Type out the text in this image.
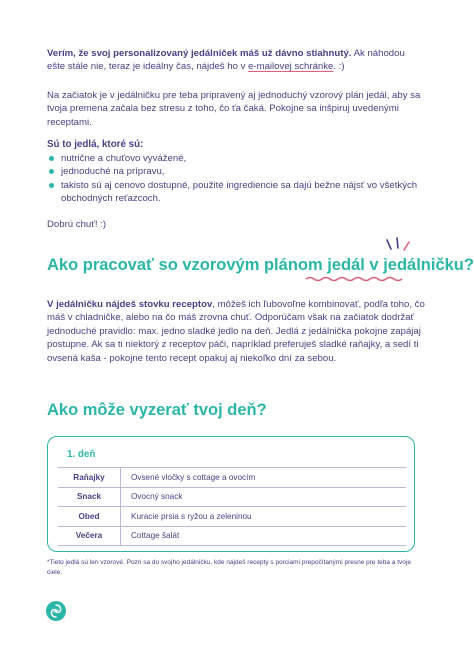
Verím, že svoj personalizovaný jedálniček máš už dávno stiahnutý. Ak náhodou ešte stále nie, teraz je ideálny čas, nájdeš ho v e-mailovej schránke. :)

Na začiatok je v jedálničku pre teba pripravený aj jednoduchý vzorový plán jedál, aby sa tvoja premena začala bez stresu z toho, čo ťa čaká. Pokojne sa inšpiruj uvedenými receptami.

Sú to jedlá, ktoré sú:
nutrične a chuťovo vyvážené,
jednoduché na prípravu,
takisto sú aj cenovo dostupné, použité ingrediencie sa dajú bežne nájsť vo všetkých obchodných reťazcoch.

Dobrú chuť! :)

Ako pracovať so vzorovým plánom jedál v jedálničku?

V jedálničku nájdeš stovku receptov, môžeš ich ľubovoľne kombinovať, podľa toho, čo máš v chladničke, alebo na čo máš zrovna chuť. Odporúčam však na začiatok dodržať jednoduché pravidlo: max. jedno sladké jedlo na deň. Jedlá z jedálnička pokojne zapájaj postupne. Ak sa ti niektorý z receptov páči, napríklad preferuješ sladké raňajky, a sedí ti ovsená kaša - pokojne tento recept opakuj aj niekoľko dní za sebou.

Ako môže vyzerať tvoj deň?
1. deň
Raňajky	Ovsené vločky s cottage a ovocím
Snack	Ovocný snack
Obed	Kuracie prsia s ryžou a zeleninou
Večera	Cottage šalát

*Tieto jedlá sú len vzorové. Pozri sa do svojho jedálničku, kde nájdeš recepty s porciami prepočítanými presne pre teba a tvoje ciele.
